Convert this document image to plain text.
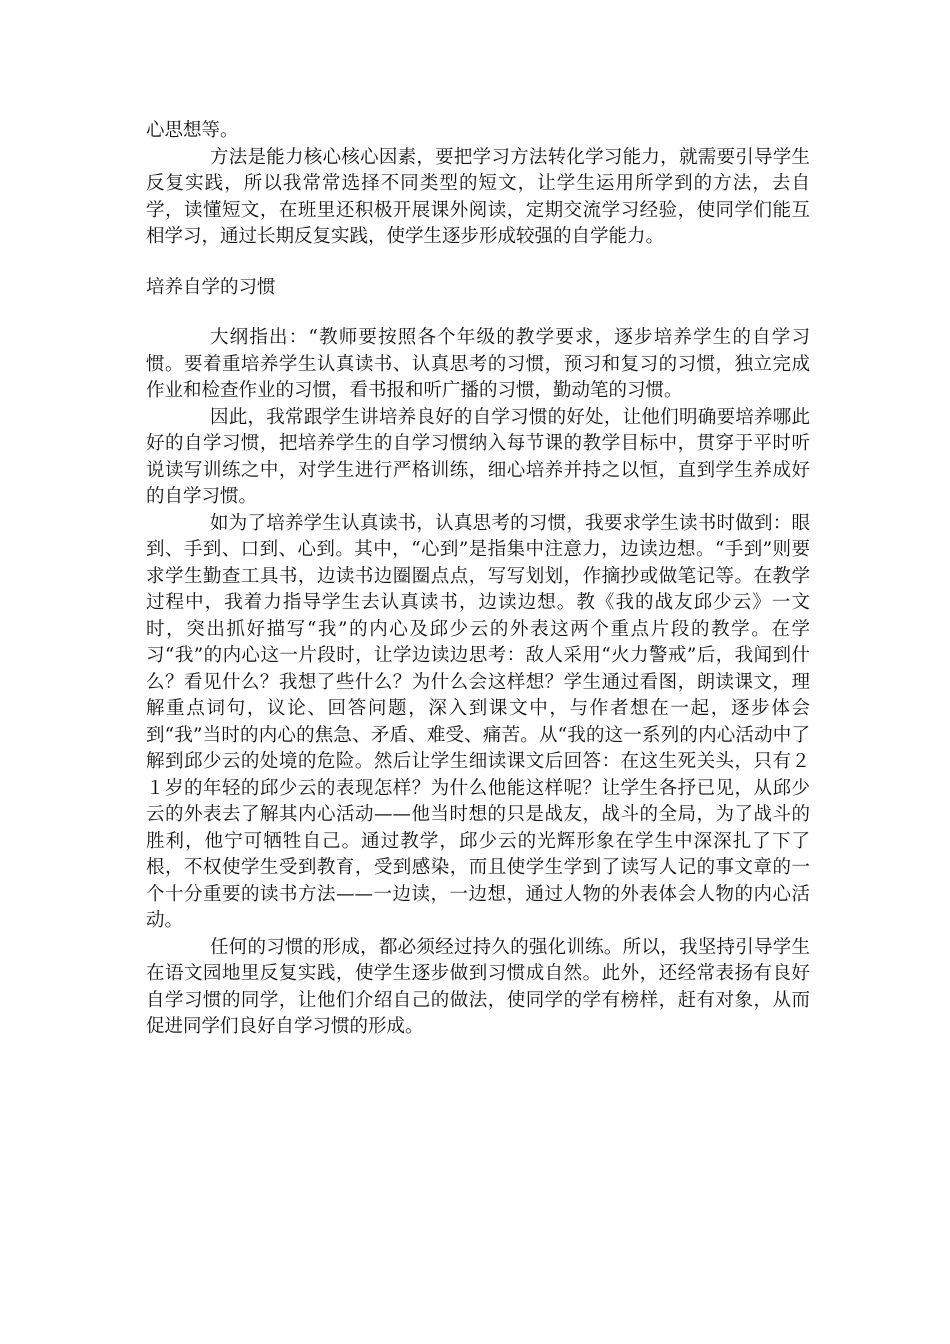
心思想等。

方法是能力核心核心因素，要把学习方法转化学习能力，就需要引导学生反复实践，所以我常常选择不同类型的短文，让学生运用所学到的方法，去自学，读懂短文，在班里还积极开展课外阅读，定期交流学习经验，使同学们能互相学习，通过长期反复实践，使学生逐步形成较强的自学能力。

培养自学的习惯

大纲指出：“教师要按照各个年级的教学要求，逐步培养学生的自学习惯。要着重培养学生认真读书、认真思考的习惯，预习和复习的习惯，独立完成作业和检查作业的习惯，看书报和听广播的习惯，勤动笔的习惯。

因此，我常跟学生讲培养良好的自学习惯的好处，让他们明确要培养哪此好的自学习惯，把培养学生的自学习惯纳入每节课的教学目标中，贯穿于平时听说读写训练之中，对学生进行严格训练，细心培养并持之以恒，直到学生养成好的自学习惯。

如为了培养学生认真读书，认真思考的习惯，我要求学生读书时做到：眼到、手到、口到、心到。其中，“心到”是指集中注意力，边读边想。“手到”则要求学生勤查工具书，边读书边圈圈点点，写写划划，作摘抄或做笔记等。在教学过程中，我着力指导学生去认真读书，边读边想。教《我的战友邱少云》一文时，突出抓好描写“我”的内心及邱少云的外表这两个重点片段的教学。在学习“我”的内心这一片段时，让学边读边思考：敌人采用“火力警戒”后，我闻到什么？看见什么？我想了些什么？为什么会这样想？学生通过看图，朗读课文，理解重点词句，议论、回答问题，深入到课文中，与作者想在一起，逐步体会到“我”当时的内心的焦急、矛盾、难受、痛苦。从“我的这一系列的内心活动中了解到邱少云的处境的危险。然后让学生细读课文后回答：在这生死关头，只有２１岁的年轻的邱少云的表现怎样？为什么他能这样呢？让学生各抒已见，从邱少云的外表去了解其内心活动——他当时想的只是战友，战斗的全局，为了战斗的胜利，他宁可牺牲自己。通过教学，邱少云的光辉形象在学生中深深扎了下了根，不权使学生受到教育，受到感染，而且使学生学到了读写人记的事文章的一个十分重要的读书方法——一边读，一边想，通过人物的外表体会人物的内心活动。

任何的习惯的形成，都必须经过持久的强化训练。所以，我坚持引导学生在语文园地里反复实践，使学生逐步做到习惯成自然。此外，还经常表扬有良好自学习惯的同学，让他们介绍自己的做法，使同学的学有榜样，赶有对象，从而促进同学们良好自学习惯的形成。
